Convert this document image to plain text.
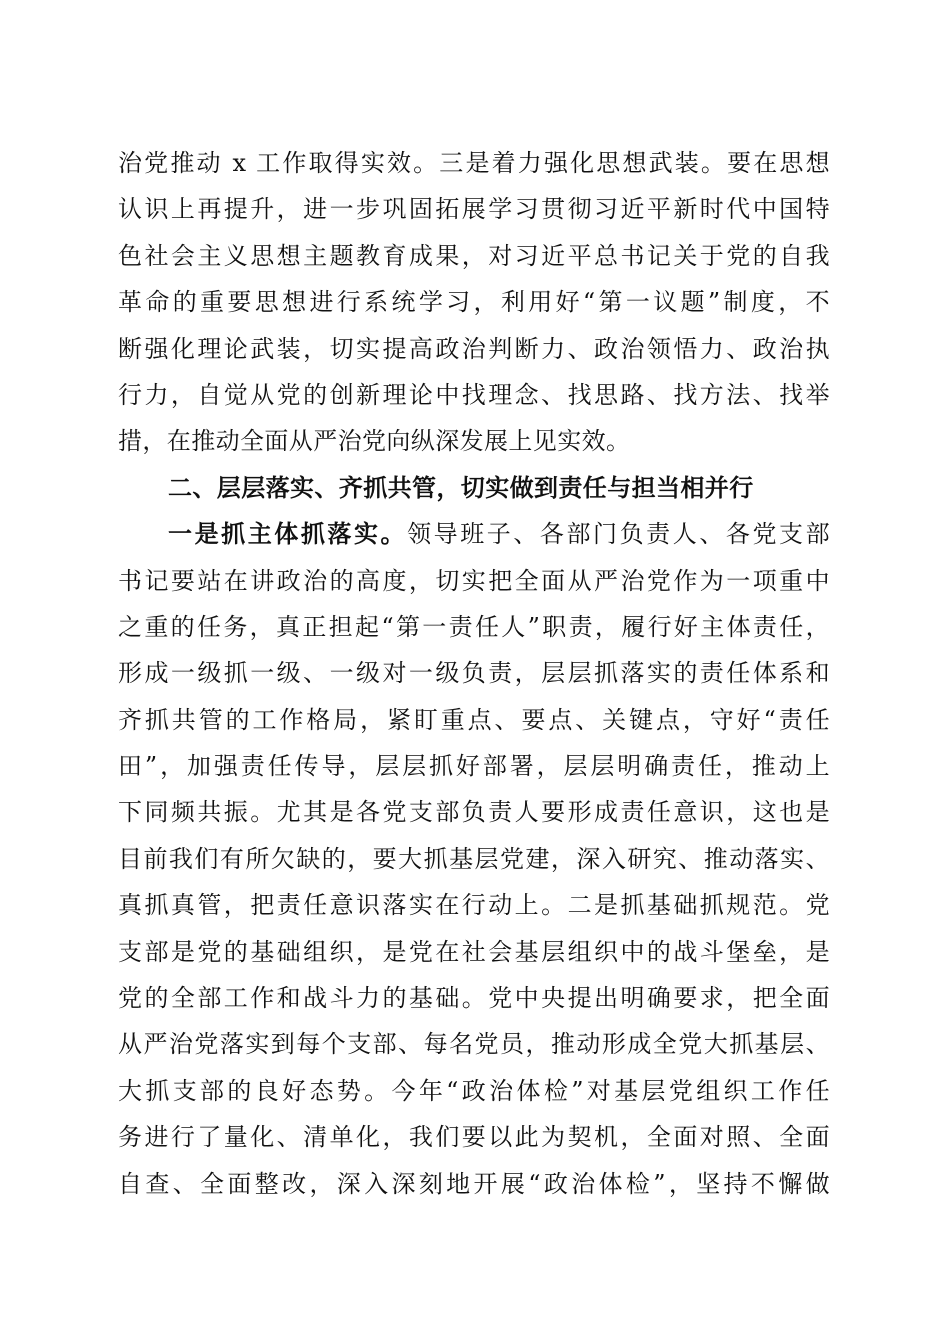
治党推动 x 工作取得实效。三是着力强化思想武装。要在思想
认识上再提升，进一步巩固拓展学习贯彻习近平新时代中国特
色社会主义思想主题教育成果，对习近平总书记关于党的自我
革命的重要思想进行系统学习，利用好“第一议题”制度，不
断强化理论武装，切实提高政治判断力、政治领悟力、政治执
行力，自觉从党的创新理论中找理念、找思路、找方法、找举
措，在推动全面从严治党向纵深发展上见实效。
二、层层落实、齐抓共管，切实做到责任与担当相并行
一是抓主体抓落实。领导班子、各部门负责人、各党支部
书记要站在讲政治的高度，切实把全面从严治党作为一项重中
之重的任务，真正担起“第一责任人”职责，履行好主体责任，
形成一级抓一级、一级对一级负责，层层抓落实的责任体系和
齐抓共管的工作格局，紧盯重点、要点、关键点，守好“责任
田”，加强责任传导，层层抓好部署，层层明确责任，推动上
下同频共振。尤其是各党支部负责人要形成责任意识，这也是
目前我们有所欠缺的，要大抓基层党建，深入研究、推动落实、
真抓真管，把责任意识落实在行动上。二是抓基础抓规范。党
支部是党的基础组织，是党在社会基层组织中的战斗堡垒，是
党的全部工作和战斗力的基础。党中央提出明确要求，把全面
从严治党落实到每个支部、每名党员，推动形成全党大抓基层、
大抓支部的良好态势。今年“政治体检”对基层党组织工作任
务进行了量化、清单化，我们要以此为契机，全面对照、全面
自查、全面整改，深入深刻地开展“政治体检”，坚持不懈做
